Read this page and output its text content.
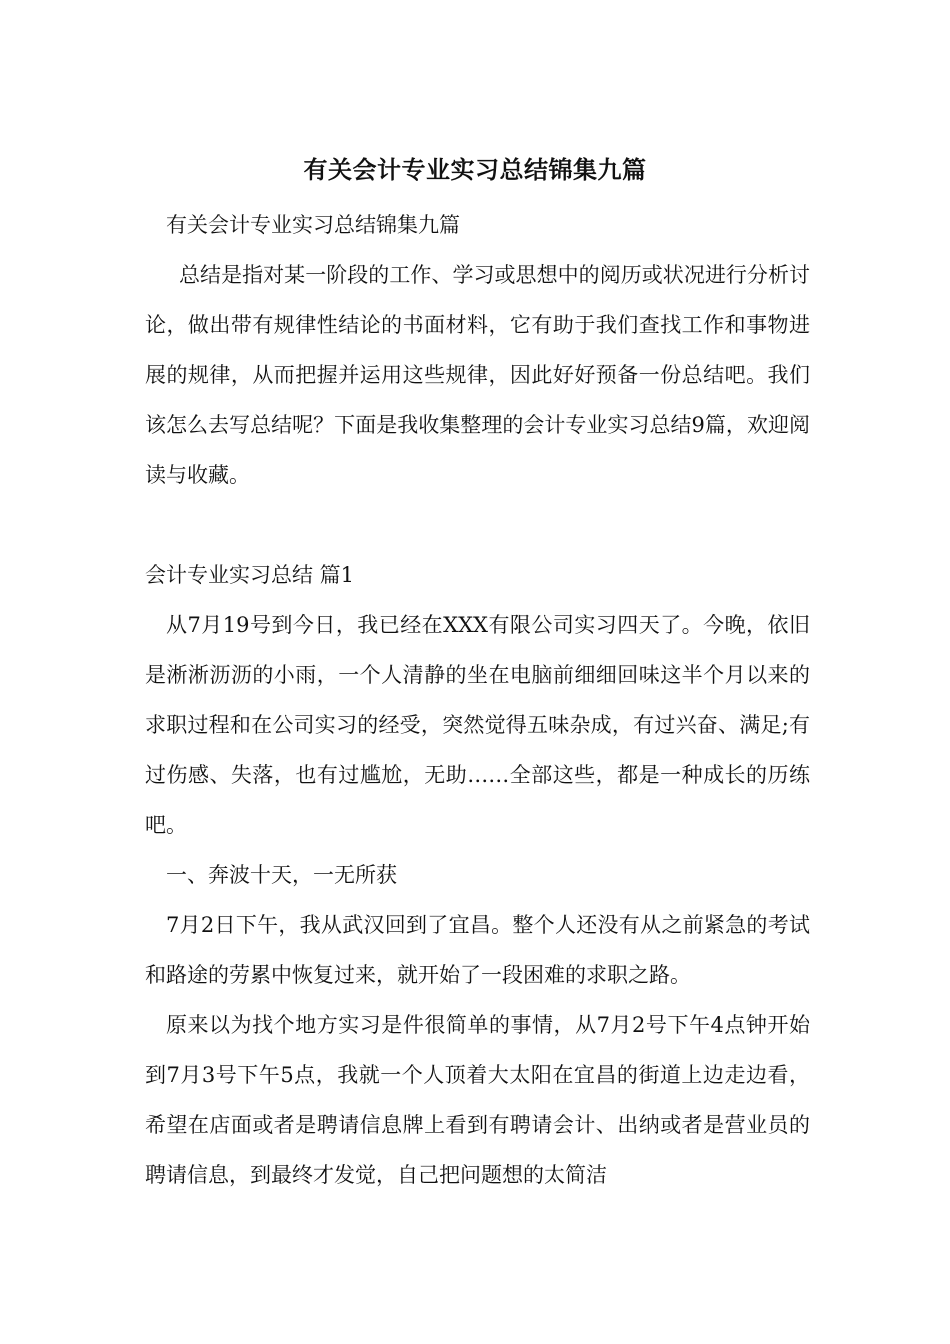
有关会计专业实习总结锦集九篇

有关会计专业实习总结锦集九篇

总结是指对某一阶段的工作、学习或思想中的阅历或状况进行分析讨论，做出带有规律性结论的书面材料，它有助于我们查找工作和事物进展的规律，从而把握并运用这些规律，因此好好预备一份总结吧。我们该怎么去写总结呢？下面是我收集整理的会计专业实习总结9篇，欢迎阅读与收藏。

会计专业实习总结 篇1

从7月19号到今日，我已经在XXX有限公司实习四天了。今晚，依旧是淅淅沥沥的小雨，一个人清静的坐在电脑前细细回味这半个月以来的求职过程和在公司实习的经受，突然觉得五味杂成，有过兴奋、满足;有过伤感、失落，也有过尴尬，无助……全部这些，都是一种成长的历练吧。

一、奔波十天，一无所获

7月2日下午，我从武汉回到了宜昌。整个人还没有从之前紧急的考试和路途的劳累中恢复过来，就开始了一段困难的求职之路。

原来以为找个地方实习是件很简单的事情，从7月2号下午4点钟开始到7月3号下午5点，我就一个人顶着大太阳在宜昌的街道上边走边看，希望在店面或者是聘请信息牌上看到有聘请会计、出纳或者是营业员的聘请信息，到最终才发觉，自己把问题想的太简洁
